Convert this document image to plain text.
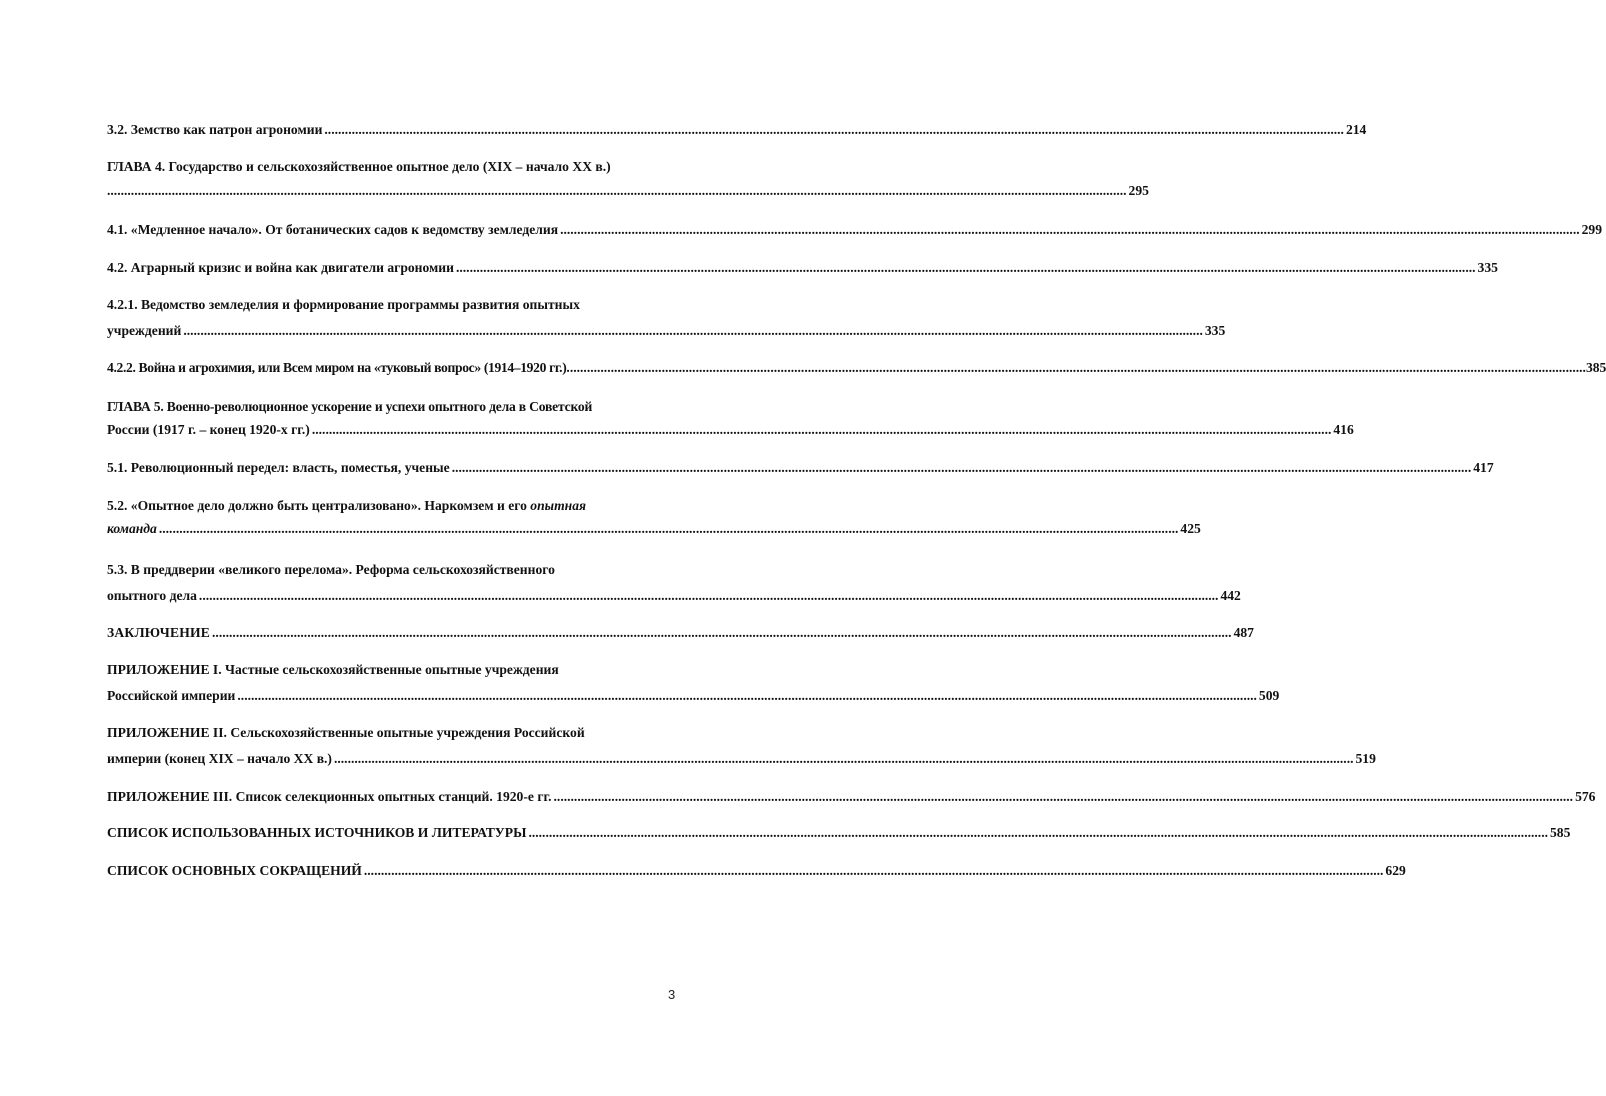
3.2. Земство как патрон агрономии ............................................................................................................................................................................................................................................................................................................ 214
ГЛАВА 4. Государство и сельскохозяйственное опытное дело (XIX – начало XX в.)
............................................................................................................................................................................................................................................................................................................ 295
4.1. «Медленное начало». От ботанических садов к ведомству земледелия ............................................................................................................................................................................................................................................................................................................ 299
4.2. Аграрный кризис и война как двигатели агрономии ............................................................................................................................................................................................................................................................................................................ 335
4.2.1. Ведомство земледелия и формирование программы развития опытных
учреждений ............................................................................................................................................................................................................................................................................................................ 335
4.2.2. Война и агрохимия, или Всем миром на «туковый вопрос» (1914–1920 гг.) ............................................................................................................................................................................................................................................................................................................ 385
ГЛАВА 5. Военно-революционное ускорение и успехи опытного дела в Советской
России (1917 г. – конец 1920-х гг.) ............................................................................................................................................................................................................................................................................................................ 416
5.1. Революционный передел: власть, поместья, ученые ............................................................................................................................................................................................................................................................................................................ 417
5.2. «Опытное дело должно быть централизовано». Наркомзем и его опытная
команда ............................................................................................................................................................................................................................................................................................................ 425
5.3. В преддверии «великого перелома». Реформа сельскохозяйственного
опытного дела ............................................................................................................................................................................................................................................................................................................ 442
ЗАКЛЮЧЕНИЕ ............................................................................................................................................................................................................................................................................................................ 487
ПРИЛОЖЕНИЕ I. Частные сельскохозяйственные опытные учреждения
Российской империи ............................................................................................................................................................................................................................................................................................................ 509
ПРИЛОЖЕНИЕ II. Сельскохозяйственные опытные учреждения Российской
империи (конец XIX – начало XX в.) ............................................................................................................................................................................................................................................................................................................ 519
ПРИЛОЖЕНИЕ III. Список селекционных опытных станций. 1920-е гг. ............................................................................................................................................................................................................................................................................................................ 576
СПИСОК ИСПОЛЬЗОВАННЫХ ИСТОЧНИКОВ И ЛИТЕРАТУРЫ ............................................................................................................................................................................................................................................................................................................ 585
СПИСОК ОСНОВНЫХ СОКРАЩЕНИЙ ............................................................................................................................................................................................................................................................................................................ 629
3
